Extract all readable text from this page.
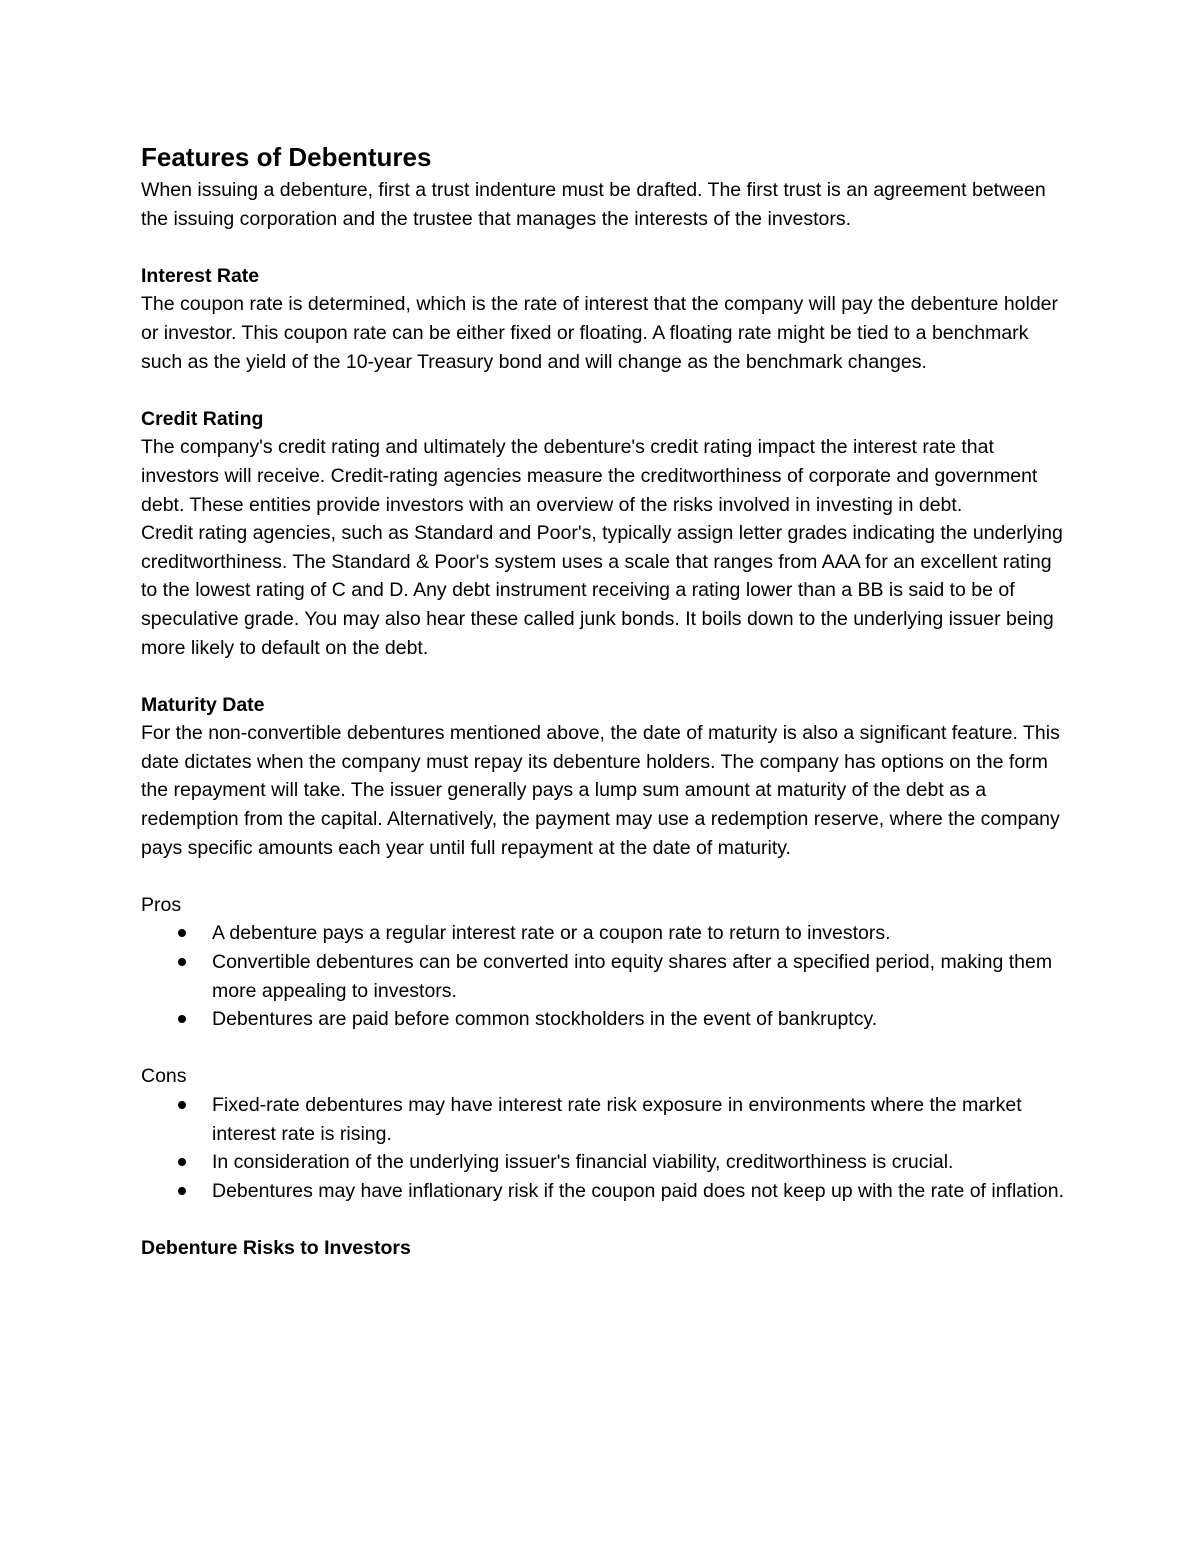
Features of Debentures

When issuing a debenture, first a trust indenture must be drafted. The first trust is an agreement between the issuing corporation and the trustee that manages the interests of the investors.

Interest Rate

The coupon rate is determined, which is the rate of interest that the company will pay the debenture holder or investor. This coupon rate can be either fixed or floating. A floating rate might be tied to a benchmark such as the yield of the 10-year Treasury bond and will change as the benchmark changes.

Credit Rating

The company's credit rating and ultimately the debenture's credit rating impact the interest rate that investors will receive. Credit-rating agencies measure the creditworthiness of corporate and government debt. These entities provide investors with an overview of the risks involved in investing in debt.

Credit rating agencies, such as Standard and Poor's, typically assign letter grades indicating the underlying creditworthiness. The Standard & Poor's system uses a scale that ranges from AAA for an excellent rating to the lowest rating of C and D. Any debt instrument receiving a rating lower than a BB is said to be of speculative grade. You may also hear these called junk bonds. It boils down to the underlying issuer being more likely to default on the debt.

Maturity Date

For the non-convertible debentures mentioned above, the date of maturity is also a significant feature. This date dictates when the company must repay its debenture holders. The company has options on the form the repayment will take. The issuer generally pays a lump sum amount at maturity of the debt as a redemption from the capital. Alternatively, the payment may use a redemption reserve, where the company pays specific amounts each year until full repayment at the date of maturity.

Pros

A debenture pays a regular interest rate or a coupon rate to return to investors.
Convertible debentures can be converted into equity shares after a specified period, making them more appealing to investors.
Debentures are paid before common stockholders in the event of bankruptcy.

Cons

Fixed-rate debentures may have interest rate risk exposure in environments where the market interest rate is rising.
In consideration of the underlying issuer's financial viability, creditworthiness is crucial.
Debentures may have inflationary risk if the coupon paid does not keep up with the rate of inflation.

Debenture Risks to Investors
